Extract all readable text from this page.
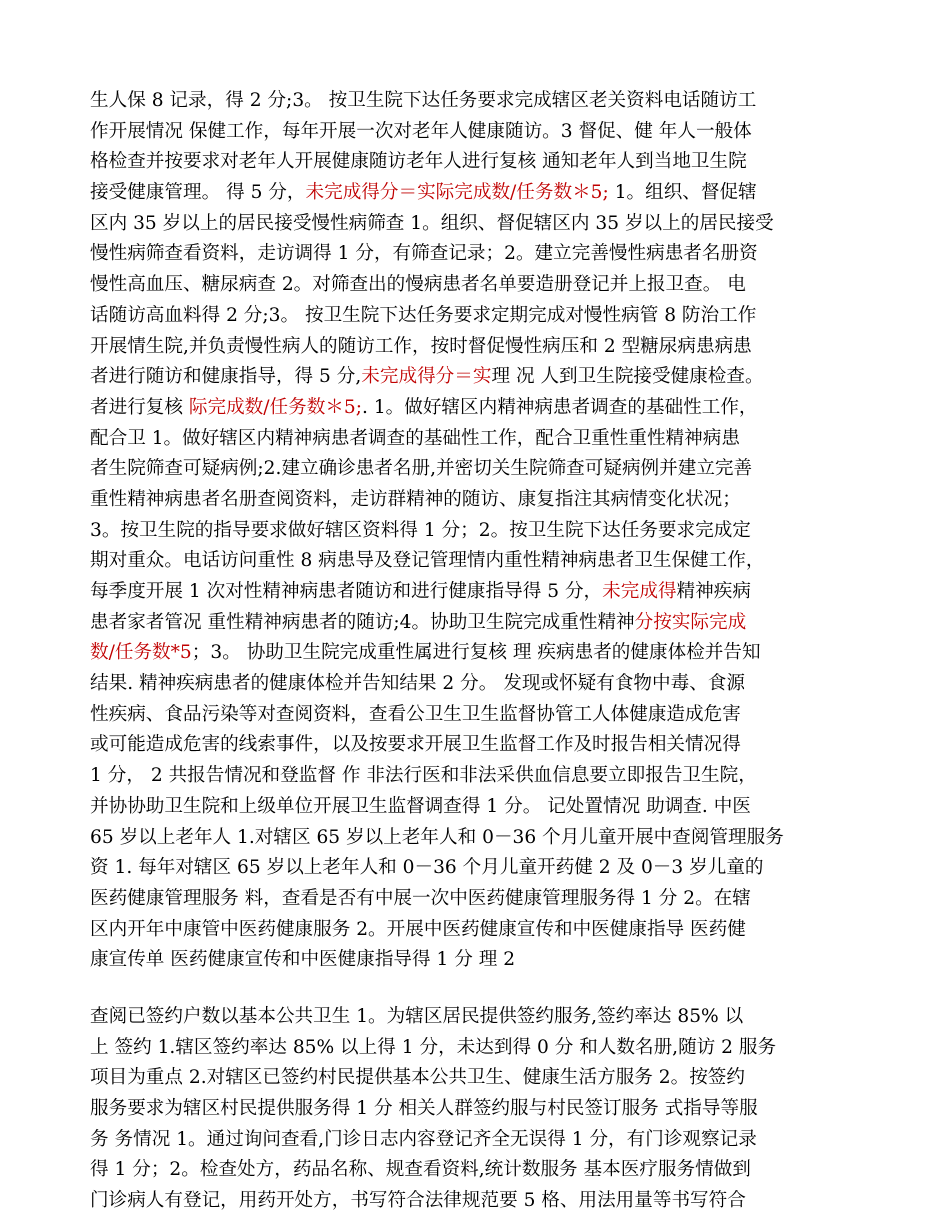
生人保 8 记录，得 2 分;3。 按卫生院下达任务要求完成辖区老关资料电话随访工
作开展情况 保健工作，每年开展一次对老年人健康随访。3 督促、健 年人一般体
格检查并按要求对老年人开展健康随访老年人进行复核 通知老年人到当地卫生院
接受健康管理。 得 5 分，未完成得分＝实际完成数/任务数＊5; 1。组织、督促辖
区内 35 岁以上的居民接受慢性病筛查 1。组织、督促辖区内 35 岁以上的居民接受
慢性病筛查看资料，走访调得 1 分，有筛查记录；2。建立完善慢性病患者名册资
慢性高血压、糖尿病查 2。对筛查出的慢病患者名单要造册登记并上报卫查。 电
话随访高血料得 2 分;3。 按卫生院下达任务要求定期完成对慢性病管 8 防治工作
开展情生院,并负责慢性病人的随访工作，按时督促慢性病压和 2 型糖尿病患病患
者进行随访和健康指导，得 5 分,未完成得分＝实理 况 人到卫生院接受健康检查。
者进行复核 际完成数/任务数＊5;. 1。做好辖区内精神病患者调查的基础性工作，
配合卫 1。做好辖区内精神病患者调查的基础性工作，配合卫重性重性精神病患
者生院筛查可疑病例;2.建立确诊患者名册,并密切关生院筛查可疑病例并建立完善
重性精神病患者名册查阅资料，走访群精神的随访、康复指注其病情变化状况；
3。按卫生院的指导要求做好辖区资料得 1 分；2。按卫生院下达任务要求完成定
期对重众。电话访问重性 8 病患导及登记管理情内重性精神病患者卫生保健工作，
每季度开展 1 次对性精神病患者随访和进行健康指导得 5 分，未完成得精神疾病
患者家者管况 重性精神病患者的随访;4。协助卫生院完成重性精神分按实际完成
数/任务数*5；3。 协助卫生院完成重性属进行复核 理 疾病患者的健康体检并告知
结果. 精神疾病患者的健康体检并告知结果 2 分。 发现或怀疑有食物中毒、食源
性疾病、食品污染等对查阅资料，查看公卫生卫生监督协管工人体健康造成危害
或可能造成危害的线索事件，以及按要求开展卫生监督工作及时报告相关情况得
1 分， 2 共报告情况和登监督 作 非法行医和非法采供血信息要立即报告卫生院，
并协协助卫生院和上级单位开展卫生监督调查得 1 分。 记处置情况 助调查. 中医
65 岁以上老年人 1.对辖区 65 岁以上老年人和 0－36 个月儿童开展中查阅管理服务
资 1. 每年对辖区 65 岁以上老年人和 0－36 个月儿童开药健 2 及 0－3 岁儿童的
医药健康管理服务 料，查看是否有中展一次中医药健康管理服务得 1 分 2。在辖
区内开年中康管中医药健康服务 2。开展中医药健康宣传和中医健康指导 医药健
康宣传单 医药健康宣传和中医健康指导得 1 分 理 2
查阅已签约户数以基本公共卫生 1。为辖区居民提供签约服务,签约率达 85% 以
上 签约 1.辖区签约率达 85% 以上得 1 分，未达到得 0 分 和人数名册,随访 2 服务
项目为重点 2.对辖区已签约村民提供基本公共卫生、健康生活方服务 2。按签约
服务要求为辖区村民提供服务得 1 分 相关人群签约服与村民签订服务 式指导等服
务 务情况 1。通过询问查看,门诊日志内容登记齐全无误得 1 分，有门诊观察记录
得 1 分；2。检查处方，药品名称、规查看资料,统计数服务 基本医疗服务情做到
门诊病人有登记，用药开处方，书写符合法律规范要 5 格、用法用量等书写符合
